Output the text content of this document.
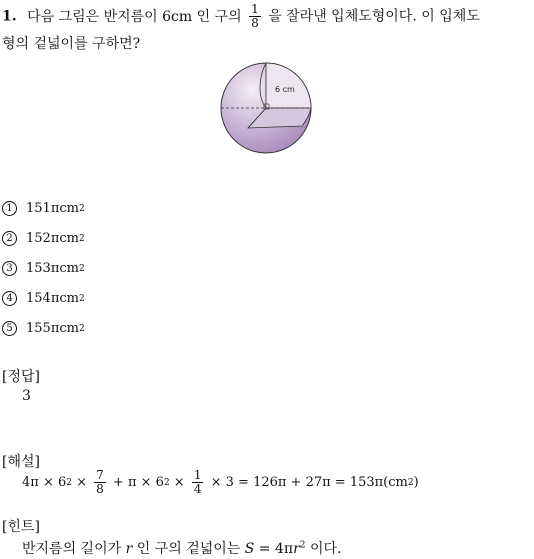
1. 다음 그림은 반지름이 6cm 인 구의 $\frac{1}{8}$ 을 잘라낸 입체도형이다. 이 입체도
형의 겉넓이를 구하면?
6 cm
1	151 πcm 2
2	152 πcm 2
3	153 πcm 2
4	154 πcm 2
5	155 πcm 2
[정답]
3
[해설]
4π × 6 $2 \times \frac{7}{8} + \pi \times 6$ $2 \times \frac{1}{4} \times 3 = 126\pi + 27\pi = 153\pi(cm$ 2 )
[힌트]
반지름의 길이가 r 인 구의 겉넓이는 $S = 4\pi r^2$ 이다.
